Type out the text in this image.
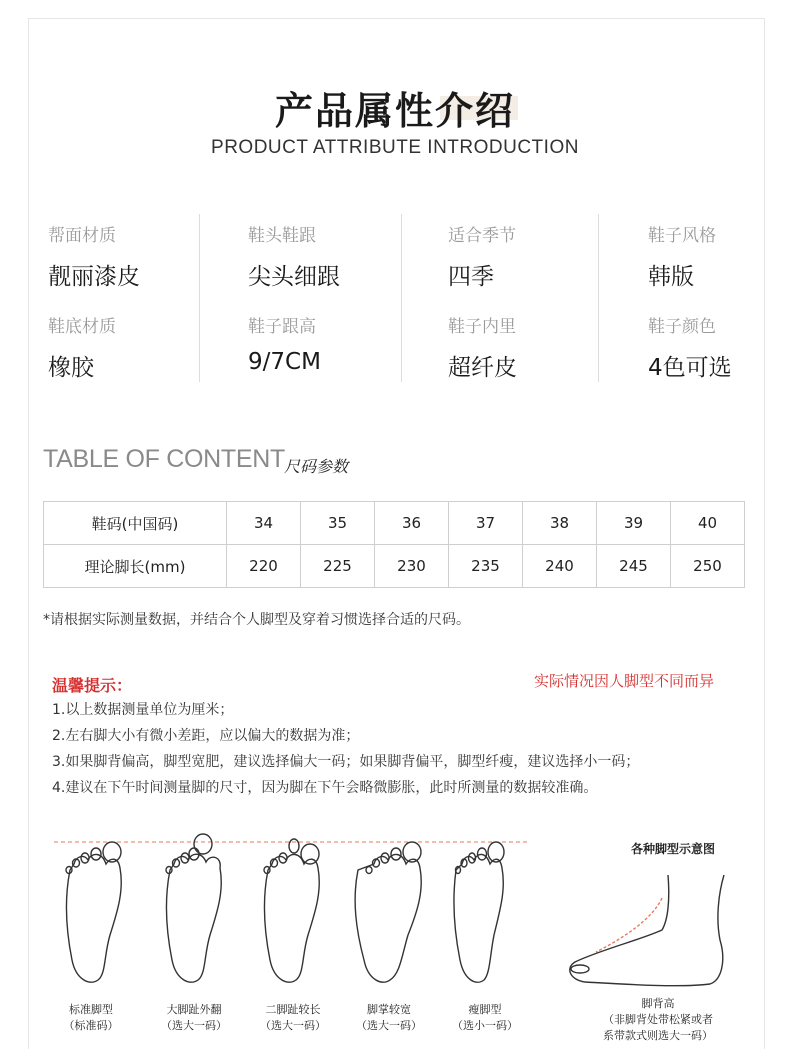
产品属性介绍
PRODUCT ATTRIBUTE INTRODUCTION
帮面材质
靓丽漆皮
鞋头鞋跟
尖头细跟
适合季节
四季
鞋子风格
韩版
鞋底材质
橡胶
鞋子跟高
9/7CM
鞋子内里
超纤皮
鞋子颜色
4色可选
TABLE OF CONTENT 尺码参数
鞋码(中国码)	34	35	36	37	38	39	40
理论脚长(mm)	220	225	230	235	240	245	250
*请根据实际测量数据，并结合个人脚型及穿着习惯选择合适的尺码。
温馨提示：	实际情况因人脚型不同而异
1.以上数据测量单位为厘米；
2.左右脚大小有微小差距，应以偏大的数据为准；
3.如果脚背偏高，脚型宽肥，建议选择偏大一码；如果脚背偏平，脚型纤瘦，建议选择小一码；
4.建议在下午时间测量脚的尺寸，因为脚在下午会略微膨胀，此时所测量的数据较准确。
各种脚型示意图
标准脚型
（标准码）
大脚趾外翻
（选大一码）
二脚趾较长
（选大一码）
脚掌较宽
（选大一码）
瘦脚型
（选小一码）
脚背高
（非脚背处带松紧或者
系带款式则选大一码）
